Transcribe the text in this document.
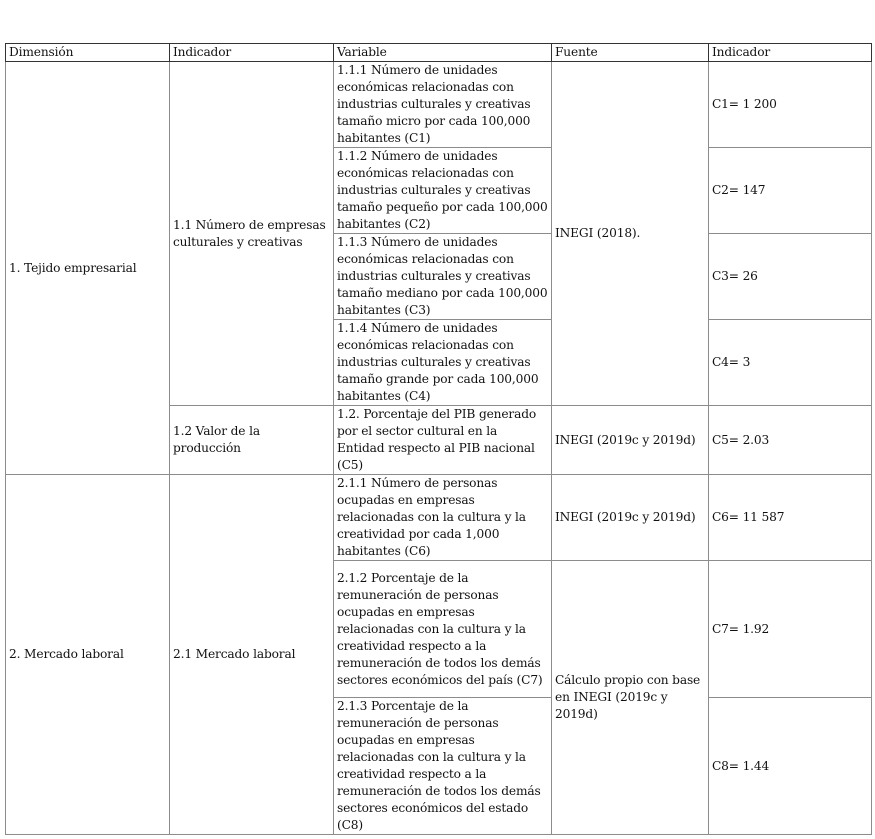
Dimensión	Indicador	Variable	Fuente	Indicador
1. Tejido empresarial	1.1 Número de empresas culturales y creativas	1.1.1 Número de unidades económicas relacionadas con industrias culturales y creativas tamaño micro por cada 100,000 habitantes (C1)	INEGI (2018).	C1= 1 200
		1.1.2 Número de unidades económicas relacionadas con industrias culturales y creativas tamaño pequeño por cada 100,000 habitantes (C2)		C2= 147
		1.1.3 Número de unidades económicas relacionadas con industrias culturales y creativas tamaño mediano por cada 100,000 habitantes (C3)		C3= 26
		1.1.4 Número de unidades económicas relacionadas con industrias culturales y creativas tamaño grande por cada 100,000 habitantes (C4)		C4= 3
	1.2 Valor de la producción	1.2. Porcentaje del PIB generado por el sector cultural en la Entidad respecto al PIB nacional (C5)	INEGI (2019c y 2019d)	C5= 2.03
2. Mercado laboral	2.1 Mercado laboral	2.1.1 Número de personas ocupadas en empresas relacionadas con la cultura y la creatividad por cada 1,000 habitantes (C6)	INEGI (2019c y 2019d)	C6= 11 587
		2.1.2 Porcentaje de la remuneración de personas ocupadas en empresas relacionadas con la cultura y la creatividad respecto a la remuneración de todos los demás sectores económicos del país (C7)	Cálculo propio con base en INEGI (2019c y 2019d)	C7= 1.92
		2.1.3 Porcentaje de la remuneración de personas ocupadas en empresas relacionadas con la cultura y la creatividad respecto a la remuneración de todos los demás sectores económicos del estado (C8)		C8= 1.44
